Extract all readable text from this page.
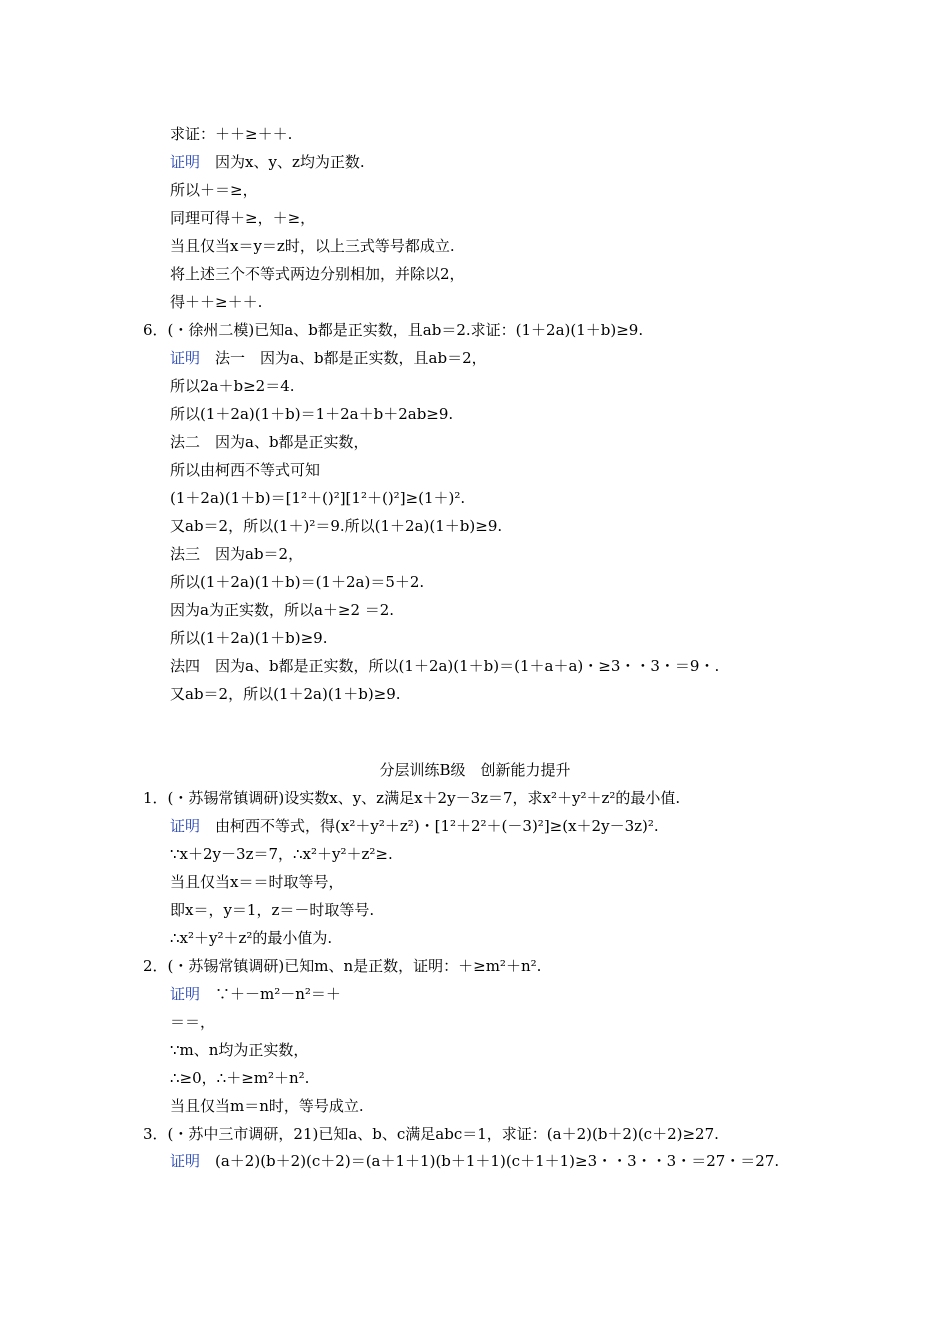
求证：＋＋≥＋＋.
证明  因为x、y、z均为正数.
所以＋＝≥，
同理可得＋≥，＋≥，
当且仅当x＝y＝z时，以上三式等号都成立.
将上述三个不等式两边分别相加，并除以2，
得＋＋≥＋＋.
6．(・徐州二模)已知a、b都是正实数，且ab＝2.求证：(1＋2a)(1＋b)≥9.
证明  法一　因为a、b都是正实数，且ab＝2，
所以2a＋b≥2＝4.
所以(1＋2a)(1＋b)＝1＋2a＋b＋2ab≥9.
法二　因为a、b都是正实数，
所以由柯西不等式可知
(1＋2a)(1＋b)＝[1²＋()²][1²＋()²]≥(1＋)².
又ab＝2，所以(1＋)²＝9.所以(1＋2a)(1＋b)≥9.
法三　因为ab＝2，
所以(1＋2a)(1＋b)＝(1＋2a)＝5＋2.
因为a为正实数，所以a＋≥2 ＝2.
所以(1＋2a)(1＋b)≥9.
法四　因为a、b都是正实数，所以(1＋2a)(1＋b)＝(1＋a＋a)・≥3・・3・＝9・.
又ab＝2，所以(1＋2a)(1＋b)≥9.
分层训练B级　创新能力提升
1．(・苏锡常镇调研)设实数x、y、z满足x＋2y－3z＝7，求x²＋y²＋z²的最小值.
证明  由柯西不等式，得(x²＋y²＋z²)・[1²＋2²＋(－3)²]≥(x＋2y－3z)².
∵x＋2y－3z＝7，∴x²＋y²＋z²≥.
当且仅当x＝＝时取等号，
即x＝，y＝1，z＝－时取等号.
∴x²＋y²＋z²的最小值为.
2．(・苏锡常镇调研)已知m、n是正数，证明：＋≥m²＋n².
证明  ∵＋－m²－n²＝＋
＝＝，
∵m、n均为正实数，
∴≥0，∴＋≥m²＋n².
当且仅当m＝n时，等号成立.
3．(・苏中三市调研，21)已知a、b、c满足abc＝1，求证：(a＋2)(b＋2)(c＋2)≥27.
证明  (a＋2)(b＋2)(c＋2)＝(a＋1＋1)(b＋1＋1)(c＋1＋1)≥3・・3・・3・＝27・＝27.
